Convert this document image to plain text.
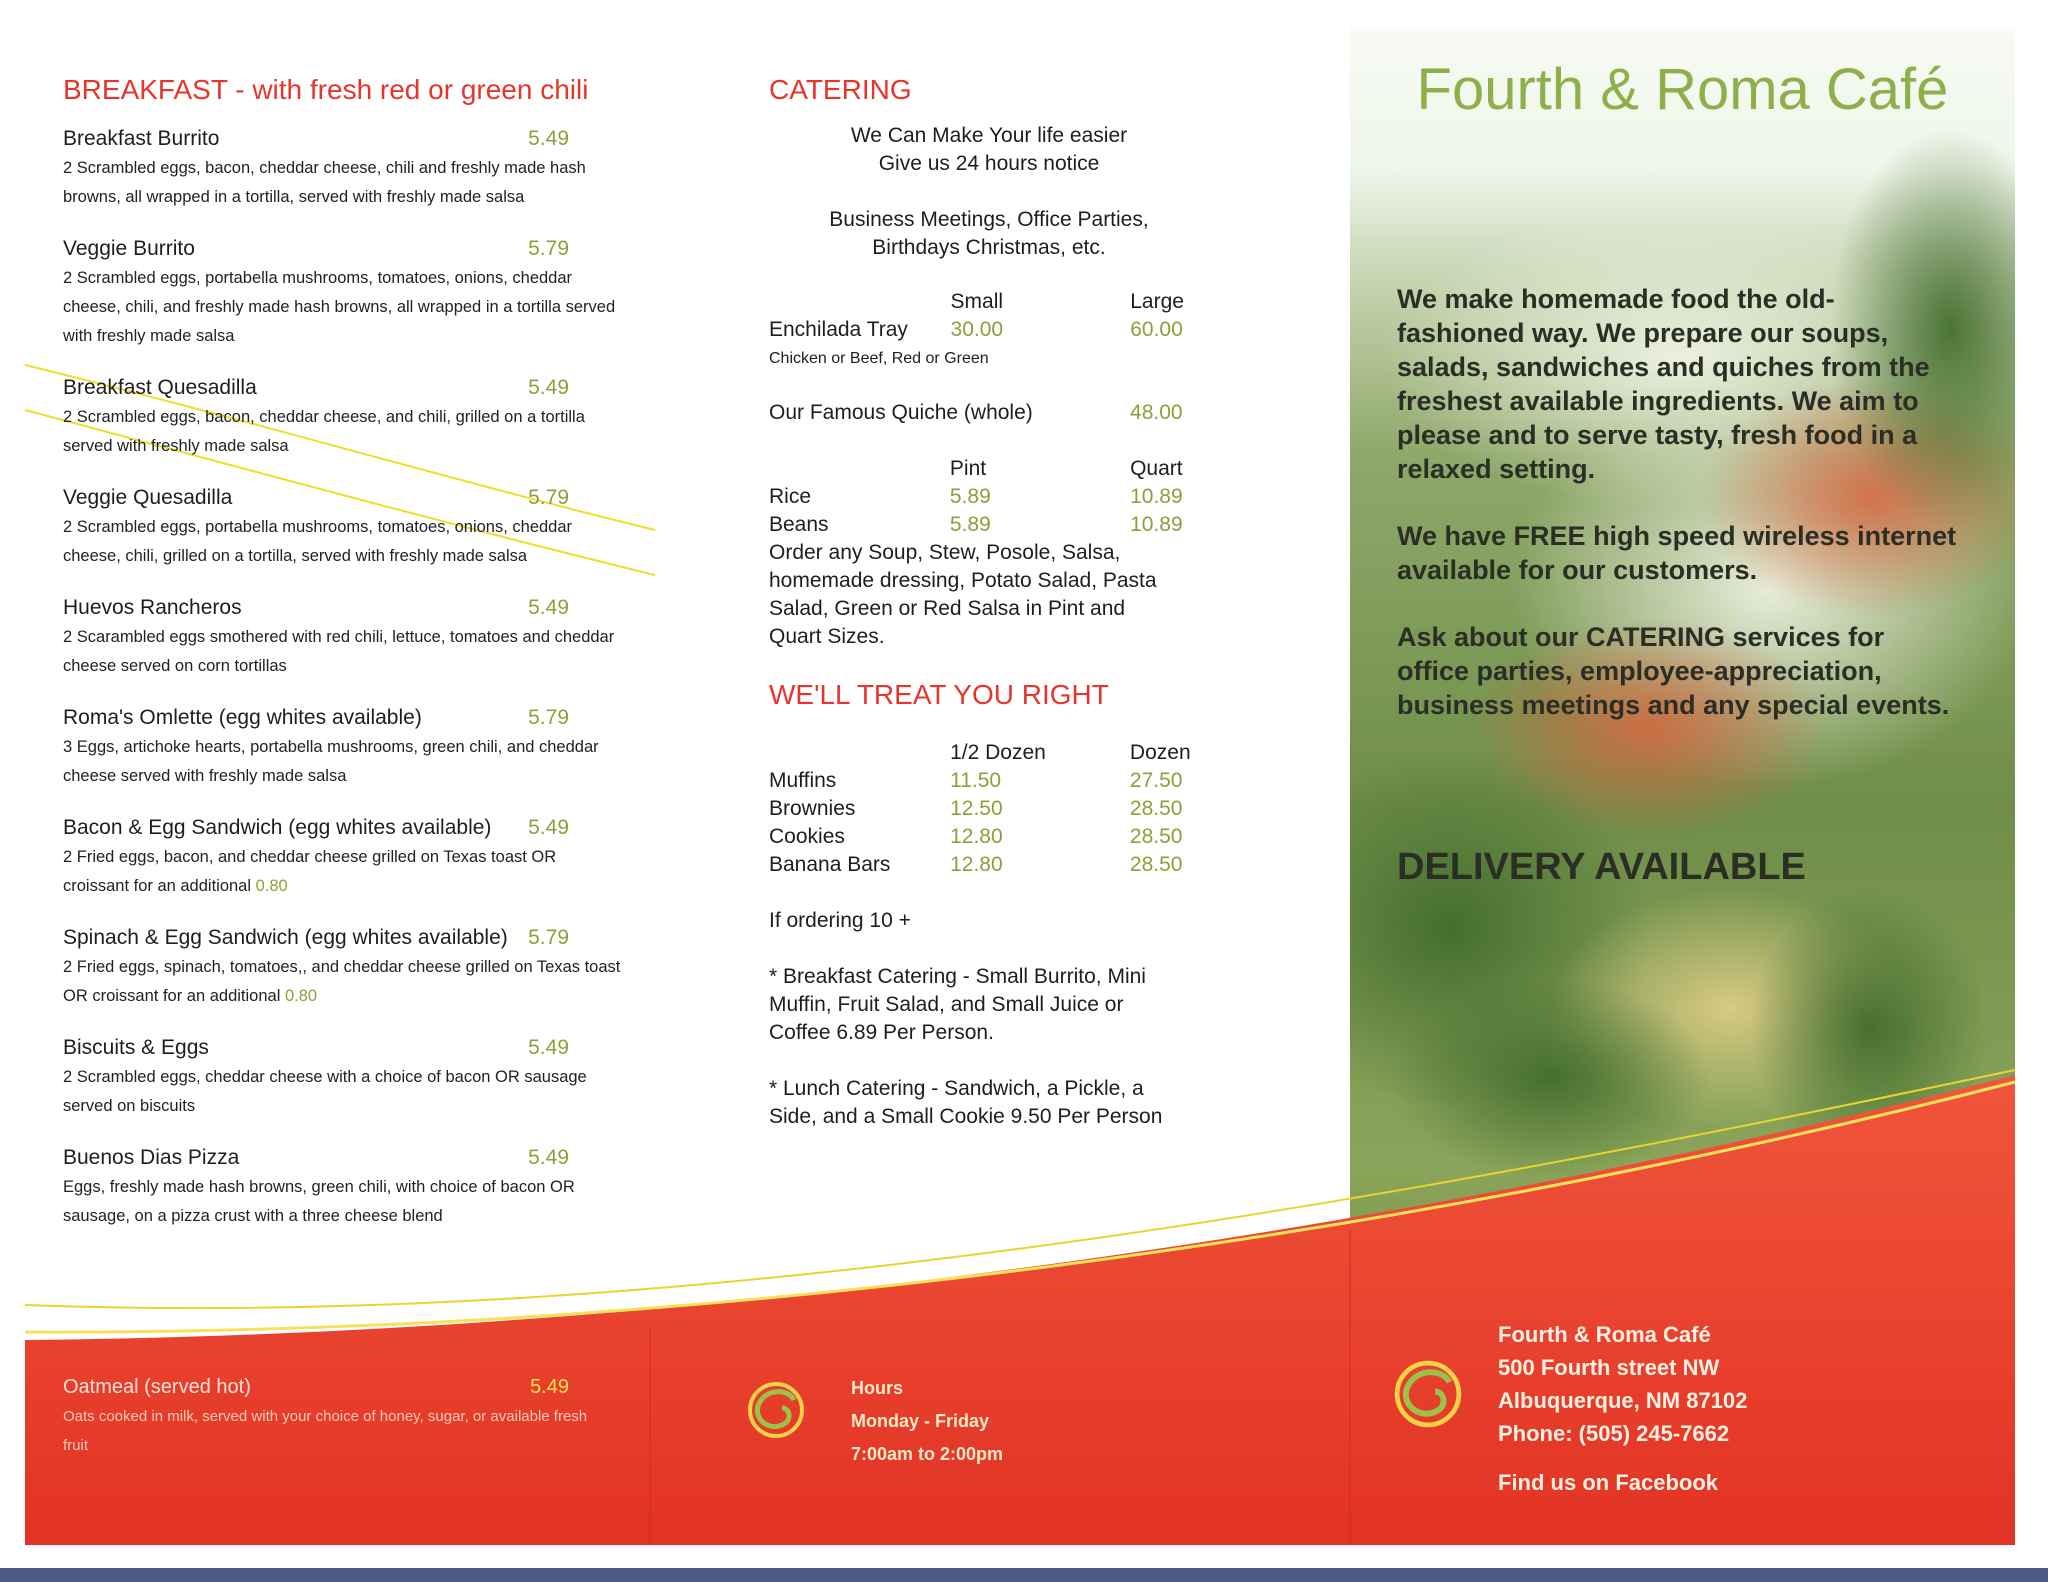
Fourth & Roma Café
BREAKFAST - with fresh red or green chili
Breakfast Burrito	5.49
2 Scrambled eggs, bacon, cheddar cheese, chili and freshly made hash browns, all wrapped in a tortilla, served with freshly made salsa
Veggie Burrito	5.79
2 Scrambled eggs, portabella mushrooms, tomatoes, onions, cheddar cheese, chili, and freshly made hash browns, all wrapped in a tortilla served with freshly made salsa
Breakfast Quesadilla	5.49
2 Scrambled eggs, bacon, cheddar cheese, and chili, grilled on a tortilla served with freshly made salsa
Veggie Quesadilla	5.79
2 Scrambled eggs, portabella mushrooms, tomatoes, onions, cheddar cheese, chili, grilled on a tortilla, served with freshly made salsa
Huevos Rancheros	5.49
2 Scarambled eggs smothered with red chili, lettuce, tomatoes and cheddar cheese served on corn tortillas
Roma's Omlette (egg whites available)	5.79
3 Eggs, artichoke hearts, portabella mushrooms, green chili, and cheddar cheese served with freshly made salsa
Bacon & Egg Sandwich (egg whites available) 5.49
2 Fried eggs, bacon, and cheddar cheese grilled on Texas toast OR croissant for an additional 0.80
Spinach & Egg Sandwich (egg whites available) 5.79
2 Fried eggs, spinach, tomatoes,, and cheddar cheese grilled on Texas toast OR croissant for an additional 0.80
Biscuits & Eggs	5.49
2 Scrambled eggs, cheddar cheese with a choice of bacon OR sausage served on biscuits
Buenos Dias Pizza	5.49
Eggs, freshly made hash browns, green chili, with choice of bacon OR sausage, on a pizza crust with a three cheese blend
Oatmeal (served hot)	5.49
Oats cooked in milk, served with your choice of honey, sugar, or available fresh fruit
CATERING
We Can Make Your life easier
Give us 24 hours notice
Business Meetings, Office Parties,
Birthdays Christmas, etc.
	Small	Large
Enchilada Tray	30.00	60.00
Chicken or Beef, Red or Green
Our Famous Quiche (whole)	48.00
	Pint	Quart
Rice	5.89	10.89
Beans	5.89	10.89
Order any Soup, Stew, Posole, Salsa, homemade dressing, Potato Salad, Pasta Salad, Green or Red Salsa in Pint and Quart Sizes.
WE'LL TREAT YOU RIGHT
	1/2 Dozen	Dozen
Muffins	11.50	27.50
Brownies	12.50	28.50
Cookies	12.80	28.50
Banana Bars	12.80	28.50
If ordering 10 +
* Breakfast Catering - Small Burrito, Mini Muffin, Fruit Salad, and Small Juice or Coffee 6.89 Per Person.
* Lunch Catering - Sandwich, a Pickle, a Side, and a Small Cookie 9.50 Per Person
Hours
Monday - Friday
7:00am to 2:00pm

We make homemade food the old-fashioned way. We prepare our soups, salads, sandwiches and quiches from the freshest available ingredients. We aim to please and to serve tasty, fresh food in a relaxed setting.

We have FREE high speed wireless internet available for our customers.

Ask about our CATERING services for office parties, employee-appreciation, business meetings and any special events.

DELIVERY AVAILABLE
Fourth & Roma Café
500 Fourth street NW
Albuquerque, NM 87102
Phone: (505) 245-7662
Find us on Facebook
